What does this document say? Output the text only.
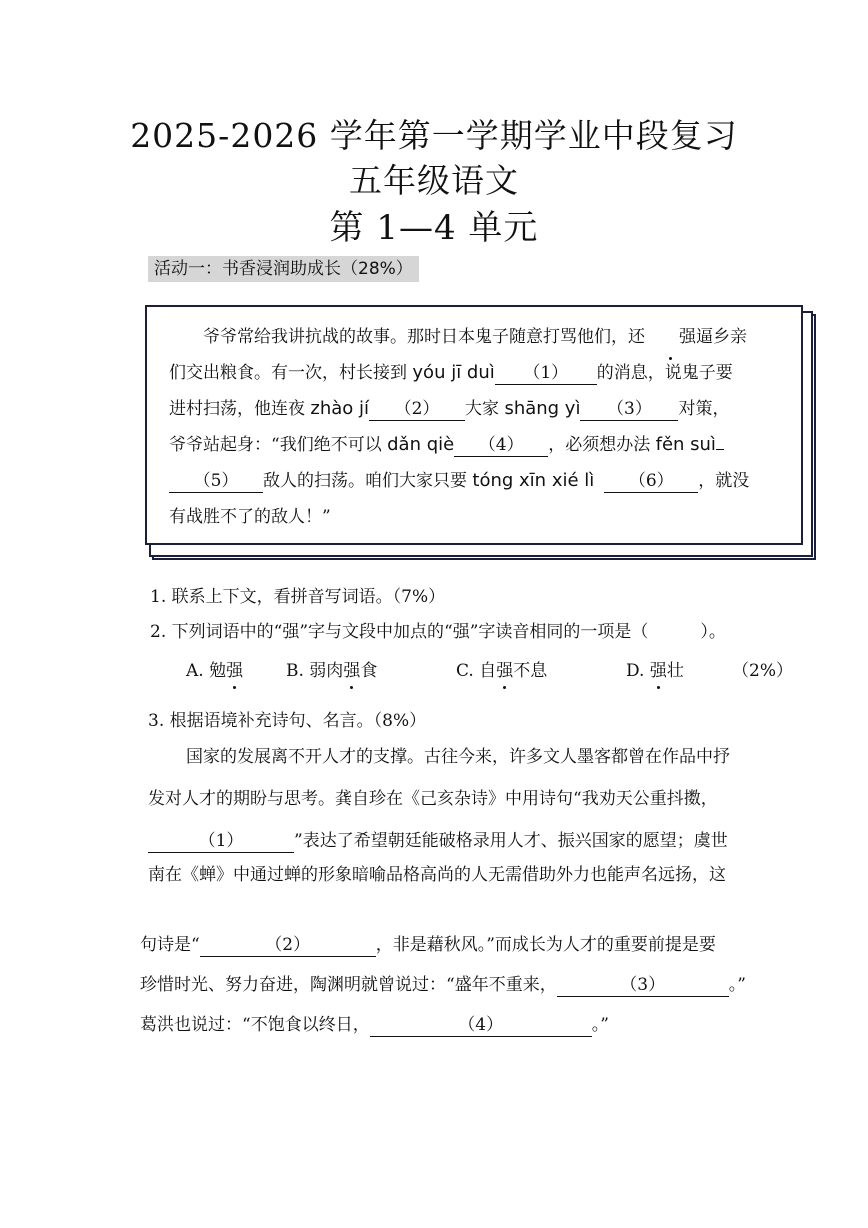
2025-2026 学年第一学期学业中段复习
五年级语文
第 1—4 单元
活动一：书香浸润助成长（28%）
爷爷常给我讲抗战的故事。那时日本鬼子随意打骂他们，还 强逼乡亲
们交出粮食。有一次，村长接到 yóu jī duì （1） 的消息，说鬼子要
进村扫荡，他连夜 zhào jí （2） 大家 shāng yì （3） 对策，
爷爷站起身：“我们绝不可以 dǎn qiè （4） ，必须想办法 fěn suì
（5） 敌人的扫荡。咱们大家只要 tóng xīn xié lì （6） ，就没
有战胜不了的敌人！”
1. 联系上下文，看拼音写词语。（7%）
2. 下列词语中的“强”字与文段中加点的“强”字读音相同的一项是（	）。
A. 勉强	B. 弱肉强食	C. 自强不息	D. 强壮	（2%）
3. 根据语境补充诗句、名言。（8%）
国家的发展离不开人才的支撑。古往今来，许多文人墨客都曾在作品中抒
发对人才的期盼与思考。龚自珍在《己亥杂诗》中用诗句“我劝天公重抖擞，
（1）	”表达了希望朝廷能破格录用人才、振兴国家的愿望；虞世
南在《蝉》中通过蝉的形象暗喻品格高尚的人无需借助外力也能声名远扬，这
句诗是“	（2）	，非是藉秋风。”而成长为人才的重要前提是要
珍惜时光、努力奋进，陶渊明就曾说过：“盛年不重来，	（3）	。”
葛洪也说过：“不饱食以终日，	（4）	。”
